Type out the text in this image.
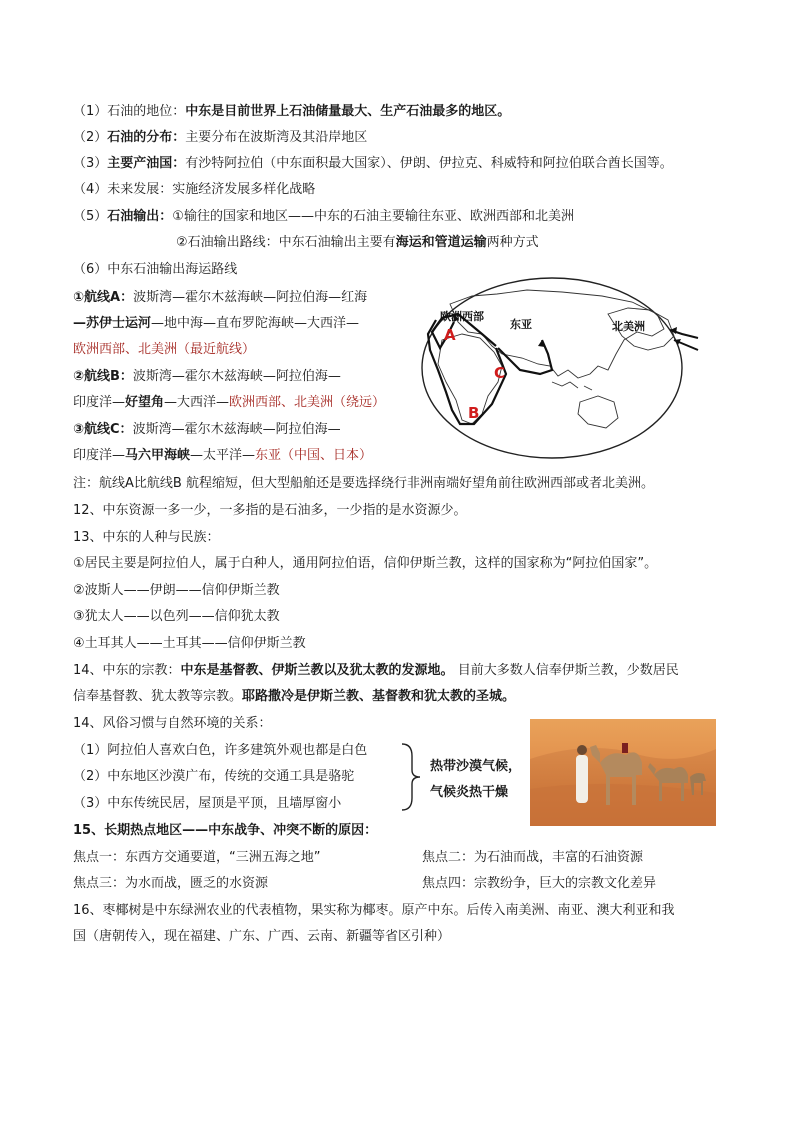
（1）石油的地位：中东是目前世界上石油储量最大、生产石油最多的地区。
（2）石油的分布：主要分布在波斯湾及其沿岸地区
（3）主要产油国：有沙特阿拉伯（中东面积最大国家）、伊朗、伊拉克、科威特和阿拉伯联合酋长国等。
（4）未来发展：实施经济发展多样化战略
（5）石油输出：①输往的国家和地区——中东的石油主要输往东亚、欧洲西部和北美洲
②石油输出路线：中东石油输出主要有海运和管道运输两种方式
（6）中东石油输出海运路线
①航线A：波斯湾—霍尔木兹海峡—阿拉伯海—红海
—苏伊士运河—地中海—直布罗陀海峡—大西洋—
欧洲西部、北美洲（最近航线）
②航线B：波斯湾—霍尔木兹海峡—阿拉伯海—
印度洋—好望角—大西洋—欧洲西部、北美洲（绕远）
③航线C：波斯湾—霍尔木兹海峡—阿拉伯海—
印度洋—马六甲海峡—太平洋—东亚（中国、日本）
注：航线A比航线B 航程缩短，但大型船舶还是要选择绕行非洲南端好望角前往欧洲西部或者北美洲。
欧洲西部
东亚	北美洲
A
B
C
12、中东资源一多一少，一多指的是石油多，一少指的是水资源少。
13、中东的人种与民族：
①居民主要是阿拉伯人，属于白种人，通用阿拉伯语，信仰伊斯兰教，这样的国家称为“阿拉伯国家”。
②波斯人——伊朗——信仰伊斯兰教
③犹太人——以色列——信仰犹太教
④土耳其人——土耳其——信仰伊斯兰教
14、中东的宗教：中东是基督教、伊斯兰教以及犹太教的发源地。 目前大多数人信奉伊斯兰教，少数居民
信奉基督教、犹太教等宗教。耶路撒冷是伊斯兰教、基督教和犹太教的圣城。
14、风俗习惯与自然环境的关系：
（1）阿拉伯人喜欢白色，许多建筑外观也都是白色
（2）中东地区沙漠广布，传统的交通工具是骆驼
（3）中东传统民居，屋顶是平顶，且墙厚窗小
热带沙漠气候，
气候炎热干燥
15、长期热点地区——中东战争、冲突不断的原因：
焦点一：东西方交通要道，“三洲五海之地”	焦点二：为石油而战，丰富的石油资源
焦点三：为水而战，匮乏的水资源	焦点四：宗教纷争，巨大的宗教文化差异
16、枣椰树是中东绿洲农业的代表植物，果实称为椰枣。原产中东。后传入南美洲、南亚、澳大利亚和我
国（唐朝传入，现在福建、广东、广西、云南、新疆等省区引种）
